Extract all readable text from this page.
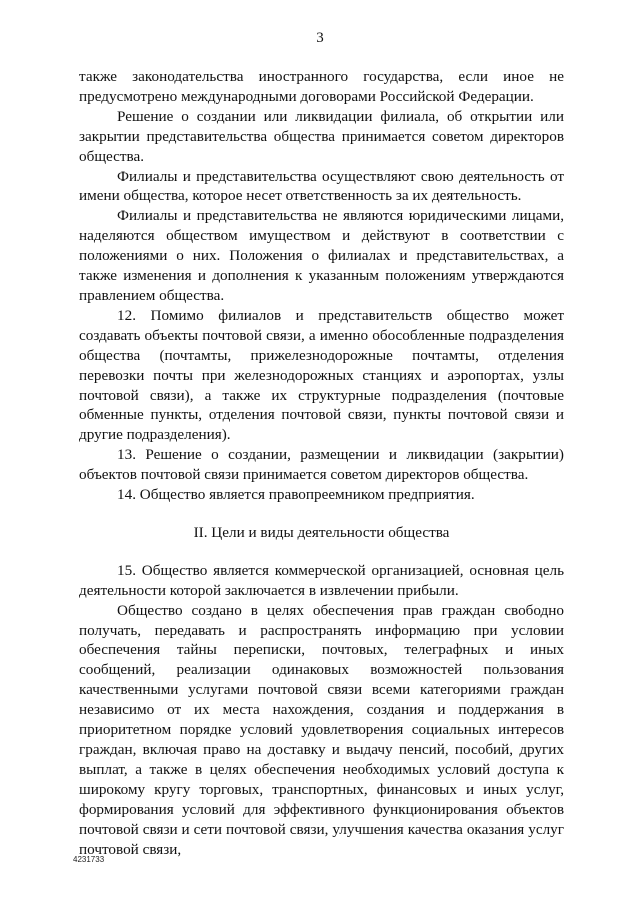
3

также законодательства иностранного государства, если иное не предусмотрено международными договорами Российской Федерации.

Решение о создании или ликвидации филиала, об открытии или закрытии представительства общества принимается советом директоров общества.

Филиалы и представительства осуществляют свою деятельность от имени общества, которое несет ответственность за их деятельность.

Филиалы и представительства не являются юридическими лицами, наделяются обществом имуществом и действуют в соответствии с положениями о них. Положения о филиалах и представительствах, а также изменения и дополнения к указанным положениям утверждаются правлением общества.

12. Помимо филиалов и представительств общество может создавать объекты почтовой связи, а именно обособленные подразделения общества (почтамты, прижелезнодорожные почтамты, отделения перевозки почты при железнодорожных станциях и аэропортах, узлы почтовой связи), а также их структурные подразделения (почтовые обменные пункты, отделения почтовой связи, пункты почтовой связи и другие подразделения).

13. Решение о создании, размещении и ликвидации (закрытии) объектов почтовой связи принимается советом директоров общества.

14. Общество является правопреемником предприятия.

II. Цели и виды деятельности общества

15. Общество является коммерческой организацией, основная цель деятельности которой заключается в извлечении прибыли.

Общество создано в целях обеспечения прав граждан свободно получать, передавать и распространять информацию при условии обеспечения тайны переписки, почтовых, телеграфных и иных сообщений, реализации одинаковых возможностей пользования качественными услугами почтовой связи всеми категориями граждан независимо от их места нахождения, создания и поддержания в приоритетном порядке условий удовлетворения социальных интересов граждан, включая право на доставку и выдачу пенсий, пособий, других выплат, а также в целях обеспечения необходимых условий доступа к широкому кругу торговых, транспортных, финансовых и иных услуг, формирования условий для эффективного функционирования объектов почтовой связи и сети почтовой связи, улучшения качества оказания услуг почтовой связи,

4231733
